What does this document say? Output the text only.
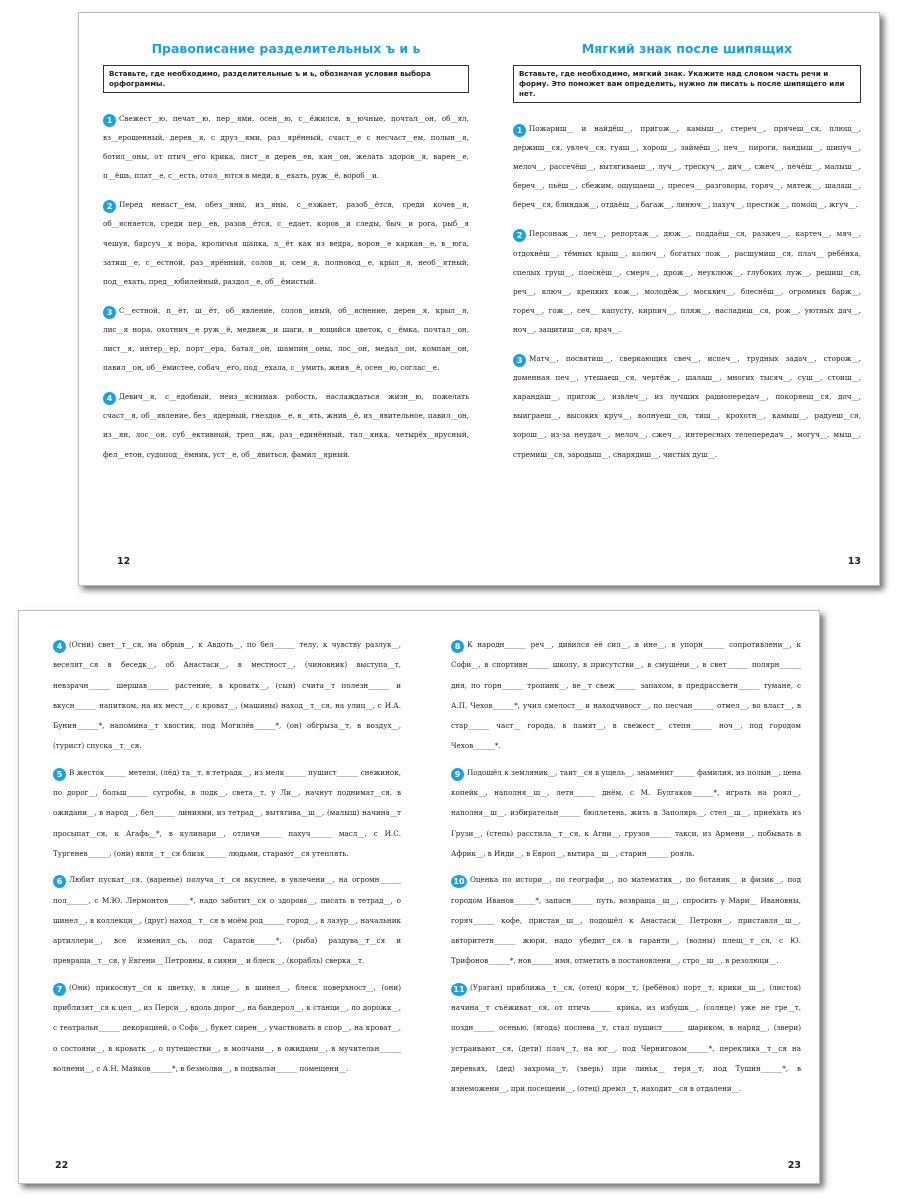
Правописание разделительных ъ и ь
Вставьте, где необходимо, разделительные ъ и ь, обозначая условия выбора орфограммы.

1 Свежест__ю, печат__ю, пер__ями, осен__ю, с__ёжился, в__ючные, почтал__он, об__ял, вз__ерошенный, дерев__я, с друз__ями, раз__ярённый, счаст__е с несчаст__ем, полын__я, ботил__оны, от птич__его крика, лист__я дерев__ев, кан__он, желать здоров__я, варен__е, п__ёшь, плат__е, с__есть, отол__ются в меди, в__ехать, руж__ё, вороб__и.

2 Перед ненаст__ем, обез__яны, из__яны, с__езжает, разоб__ётся, среди кочев__я, об__ясняется, среди пер__ев, разов__ётся, с__едает, коров__и следы, быч__и рога, рыб__я чешуя, барсуч__я нора, кроличья шапка, л__ёт как из ведра, ворон__е каркан__е, в__юга, затиш__е, с__естной, раз__ярённый, солов__и, сем__я, полновод__е, крыл__я, необ__ятный, под__ехать, пред__юбилейный, раздол__е, об__ёмистый.

3 С__естной, п__ёт, ш__ёт, об__явление, солов__иный, об__яснение, дерев__я, крыл__я, лис__я нора, охотнич__е руж__ё, медвеж__и шаги, в__ющийся цветок, с__ёмка, почтал__он, лист__я, интер__ер, порт__ера, батал__он, шампин__оны, лос__он, медал__он, компан__он, павил__он, об__ёмистее, собач__его, под__ехала, с__умить, жнив__ё, осен__ю, соглас__е.

4 Девич__я, с__едобный, неиз__яснимая робость, наслаждаться жизн__ю, пожелать счаст__я, об__явление, без__ядерный, гнездов__е, в__ять, жнив__ё, из__явительное, павил__он, из__ян, лос__он, суб__ективный, трел__яж, раз__единённый, тал__янка, четырёх__ярусный, фел__етон, судопод__ёмник, уст__е, об__явиться, фамил__ярный.

12
Мягкий знак после шипящих
Вставьте, где необходимо, мягкий знак. Укажите над словом часть речи и форму. Это поможет вам определить, нужно ли писать ь после шипящего или нет.

1 Пожариш__ и найдёш__, пригож__, камыш__, стереч__, прячеш__ся, плющ__, держиш__ся, увлеч__ся, гуаш__, хорош__, займёш__, печ__ пироги, ландыш__, шипуч__, мелоч__, рассечёш__, вытягиваеш__, луч__, трескуч__, дич__, сжеч__, печёш__, малыш__, береч__, пьёш__, сбежим, ощущаеш__, пресеч__ разговоры, горяч__, мятеж__, шалаш__, береч__ся, блиндаж__, отдаёш__, багаж__, линюч__, пахуч__, престиж__, помощ__, жгуч__.

2 Персонаж__, леч__, репортаж__, дюж__, поддаёш__ся, разжеч__, картеч__, мяч__, отдохнёш__, тёмных крыш__, колюч__, богатых лож__, расшумиш__ся, плач__ ребёнка, спелых груш__, плеснёш__, смерч__, дрож__, неуклюж__, глубоких луж__, решиш__ся, реч__, ключ__, крепких кож__, молодёж__, москвич__, блеснёш__, огромных барж__, гореч__, гож__, сеч__ капусту, кирпич__, пляж__, насладиш__ся, рож__, уютных дач__, ноч__, защитиш__ся, врач__.

3 Матч__, посвятиш__, сверкающих свеч__, испеч__, трудных задач__, сторож__, доменная печ__, утешаеш__ся, чертёж__, шалаш__, многих тысяч__, суш__, стоиш__, карандаш__, пригож__, извлеч__, из лучших радиопередач__, покоряеш__ся, доч__, выиграеш__, высоких круч__, волнуеш__ся, тиш__, крохотн__, камыш__, радуеш__ся, хорош__, из-за неудач__, мелоч__, сжеч__, интересных телепередач__, могуч__, мыш__, стремиш__ся, зародыш__, снарядиш__, чистых душ__.

13

4 (Огни) свет__т__ся, на обрыв__, к Авдоть__, по бел______ телу, к чувству разлук__, веселят__ся в беседк__, об Анастаси__, в местност__, (чиновник) выступа__т, невзрачн______ шершав______ растение, в кроватк__, (сын) счита__т полезн______ и вкусн______ напитком, на их мест__, с кроват__, (машины) наход__т__ся, на улиц__, с И.А. Бунин______*, напомина__т хвостик, под Могилёв______*, (он) обгрыза__т, в воздух__, (турист) спуска__т__ся.

5 В жесток______ метели, (лёд) та__т, в тетрадк__, из мелк______ пушист______ снежинок, по дорог__, больш______ сугробы, в лодк__, света__т, у Ли__, начнут поднимат__ся, в ожидани__, в народ__, бел______ линиями, из тетрад__, вытягива__ш__, (малыш) начина__т просыпат__ся, к Агафь__*, в кулинари__, отличн______ пахуч______ масл__, с И.С. Тургенев______, (они) явля__т__ся близк______ людьми, старают__ся утеплять.

6 Любит пускат__ся, (варенье) получа__т__ся вкуснее, в увлечени__, на огромн______ пол______, с М.Ю. Лермонтов______*, надо заботит__ся о здоровь__, писать в тетрад__, о шинел__, в коллекци__, (друг) наход__т__ся в моём род______ город__, в лазур__, начальник артиллери__, все изменил__сь, под Саратов______*, (рыба) раздува__т__ся и превраща__т__ся, у Евгени__ Петровны, в сияни__ и блеск__, (корабль) сверка__т.

7 (Они) прикоснут__ся к цветку, в лице__, в шинел__, блеск поверхност__, (они) приблизят__ся к цел__, из Перси__, вдоль дорог__, на бандерол__, к станци__, по дорожк__, с театральн______ декорацией, о Софь__, букет сирен__, участвовать в спор__, на кроват__, о состояни__, в кроватк__, о путешестви__, в молчани__, в ожидани__, в мучительн______ волнени__, с А.Н. Майков______*, в безмолви__, в подвальн______ помещени__.

22

8 К народн______ реч__, дивился её сил__, в ине__, в упорн______ сопротивлени__, к Софи__, в спортивн______ школу, в присутстви__, в смущени__, в свет______ полярн______ дня, по горн______ тропинк__, ве__т свеж______ запахом, в предрассветн______ тумане, с А.П. Чехов______*, учил смелост__ и находчивост__, по песчан______ отмел__, во власт__, в стар______ част__ города, в памят__, в свежест__ степн______ ноч__, под городом Чехов______*.

9 Подошёл к земляник__, таит__ся в ущель__, знаменит______ фамилия, из полын__, цена копейк__, наполня__ш__, летн______ днём, с М. Булгаков______*, играть на роял__, наполня__ш__, избирательн______ бюллетень, жить в Заполярь__, стел__ш__, приехать из Грузи__, (степь) расстила__т__ся, к Агни__, грузов______ такси, из Армени__, побывать в Африк__, в Инди__, в Европ__, вытира__ш__, старин______ рояль.

10 Оценка по истори__, по географи__, по математик__, по ботаник__ и физик__, под городом Иванов______*, запасн______ путь, возвраща__ш__, спросить у Мари__ Ивановны, горяч______ кофе, пристав__ш__, подошёл к Анастаси__ Петровн__, приставля__ш__, авторитетн______ жюри, надо убедит__ся в гаранти__, (волны) плещ__т__ся, с Ю. Трифонов______*, нов______ имя, отметить в постановлени__, стро__ш__, в резолюци__.

11 (Ураган) приближа__т__ся, (отец) корм__т, (ребёнок) порт__т, крики__ш__, (листок) начина__т съёживат__ся, от птичь______ крика, из избушк__, (солнце) уже не гре__т, поздн______ осенью, (ягода) поспева__т, стал пушист______ шариком, в наряд__, (звери) устраивают__ся, (дети) плач__т, на юг__, под Черниговом______*, переклика__т__ся на деревьях, (дед) захрома__т, (зверь) при линьк__ теря__т, под Тушин______*, в изнеможени__, при посещени__, (отец) дремл__т, находит__ся в отдалени__.

23
